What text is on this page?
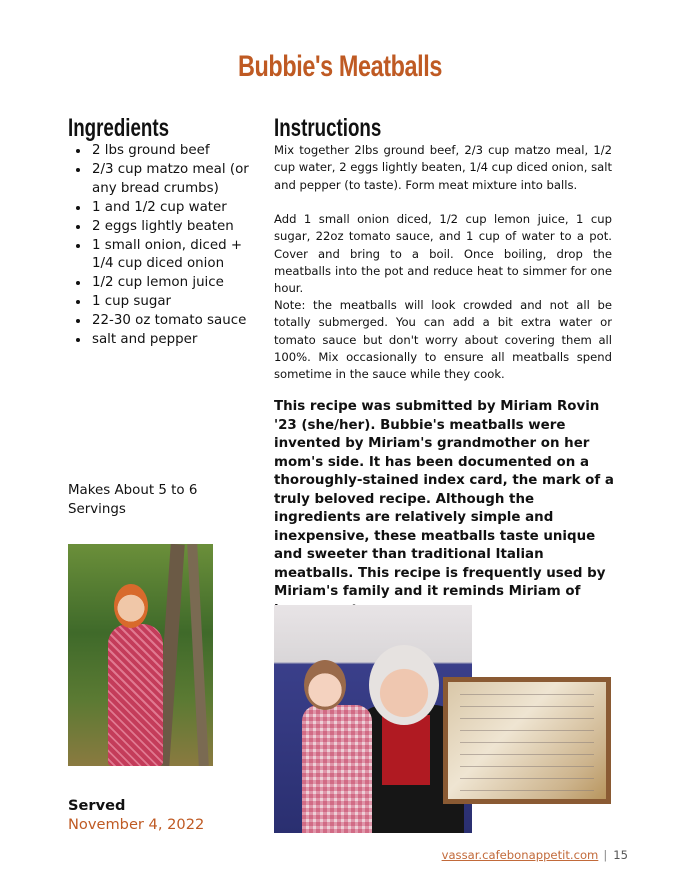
Bubbie's Meatballs
Ingredients
• 2 lbs ground beef
• 2/3 cup matzo meal (or any bread crumbs)
• 1 and 1/2 cup water
• 2 eggs lightly beaten
• 1 small onion, diced + 1/4 cup diced onion
• 1/2 cup lemon juice
• 1 cup sugar
• 22-30 oz tomato sauce
• salt and pepper
Makes About 5 to 6 Servings
Instructions
Mix together 2lbs ground beef, 2/3 cup matzo meal, 1/2 cup water, 2 eggs lightly beaten, 1/4 cup diced onion, salt and pepper (to taste). Form meat mixture into balls.
Add 1 small onion diced, 1/2 cup lemon juice, 1 cup sugar, 22oz tomato sauce, and 1 cup of water to a pot. Cover and bring to a boil. Once boiling, drop the meatballs into the pot and reduce heat to simmer for one hour.
Note: the meatballs will look crowded and not all be totally submerged. You can add a bit extra water or tomato sauce but don't worry about covering them all 100%. Mix occasionally to ensure all meatballs spend sometime in the sauce while they cook.
This recipe was submitted by Miriam Rovin '23 (she/her). Bubbie's meatballs were invented by Miriam's grandmother on her mom's side. It has been documented on a thoroughly-stained index card, the mark of a truly beloved recipe. Although the ingredients are relatively simple and inexpensive, these meatballs taste unique and sweeter than traditional Italian meatballs. This recipe is frequently used by Miriam's family and it reminds Miriam of
Served
November 4, 2022
vassar.cafebonappetit.com | 15
